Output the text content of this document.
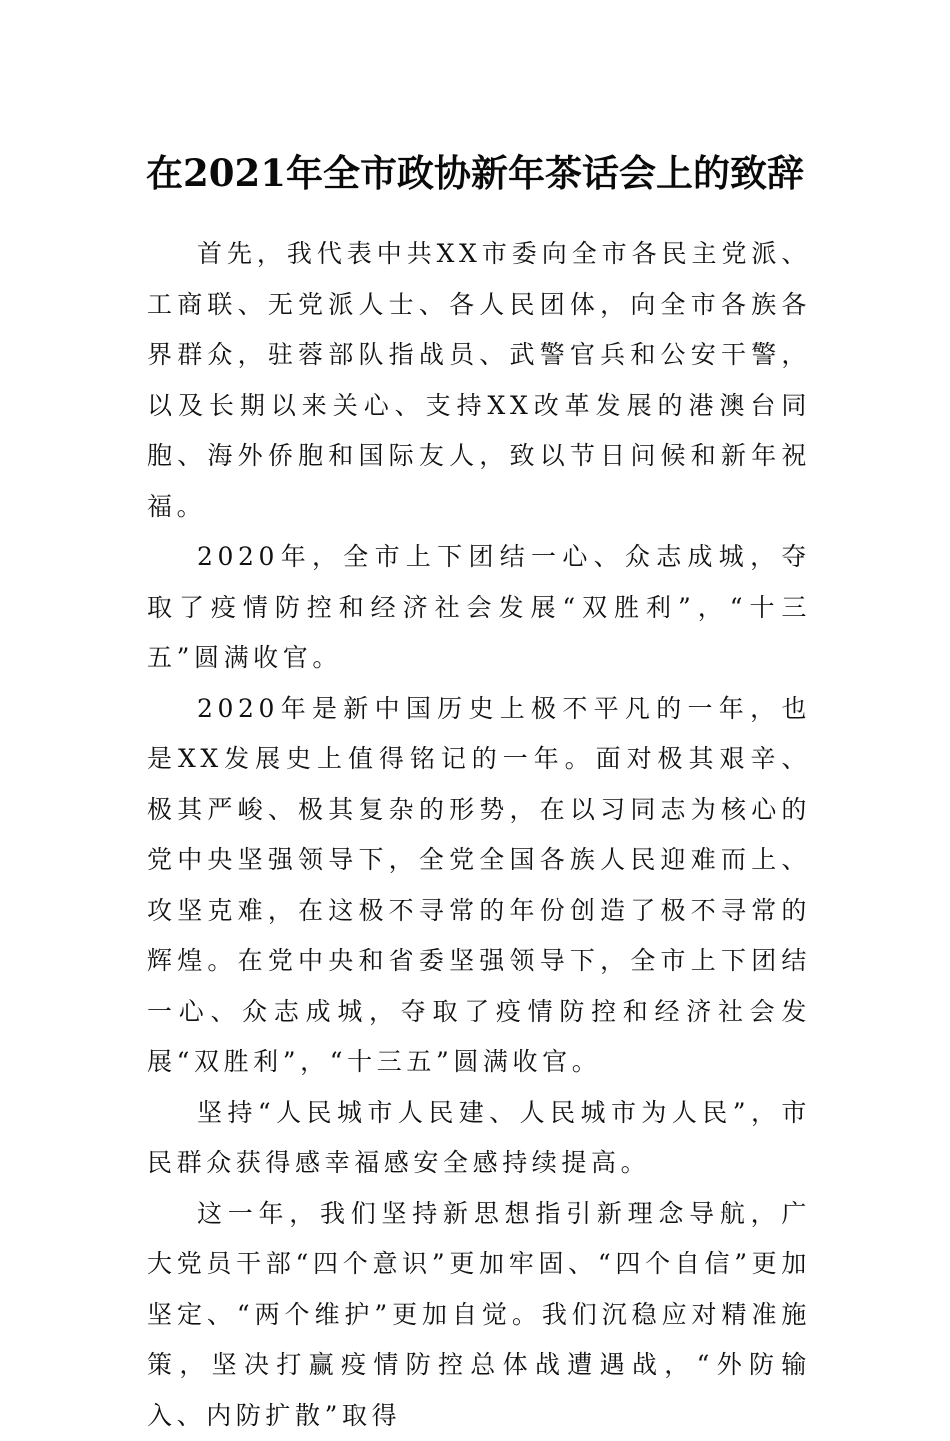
在2021年全市政协新年茶话会上的致辞

首先，我代表中共XX市委向全市各民主党派、工商联、无党派人士、各人民团体，向全市各族各界群众，驻蓉部队指战员、武警官兵和公安干警，以及长期以来关心、支持XX改革发展的港澳台同胞、海外侨胞和国际友人，致以节日问候和新年祝福。

2020年，全市上下团结一心、众志成城，夺取了疫情防控和经济社会发展“双胜利”，“十三五”圆满收官。

2020年是新中国历史上极不平凡的一年，也是XX发展史上值得铭记的一年。面对极其艰辛、极其严峻、极其复杂的形势，在以习同志为核心的党中央坚强领导下，全党全国各族人民迎难而上、攻坚克难，在这极不寻常的年份创造了极不寻常的辉煌。在党中央和省委坚强领导下，全市上下团结一心、众志成城，夺取了疫情防控和经济社会发展“双胜利”，“十三五”圆满收官。

坚持“人民城市人民建、人民城市为人民”，市民群众获得感幸福感安全感持续提高。

这一年，我们坚持新思想指引新理念导航，广大党员干部“四个意识”更加牢固、“四个自信”更加坚定、“两个维护”更加自觉。我们沉稳应对精准施策，坚决打赢疫情防控总体战遭遇战，“外防输入、内防扩散”取得
